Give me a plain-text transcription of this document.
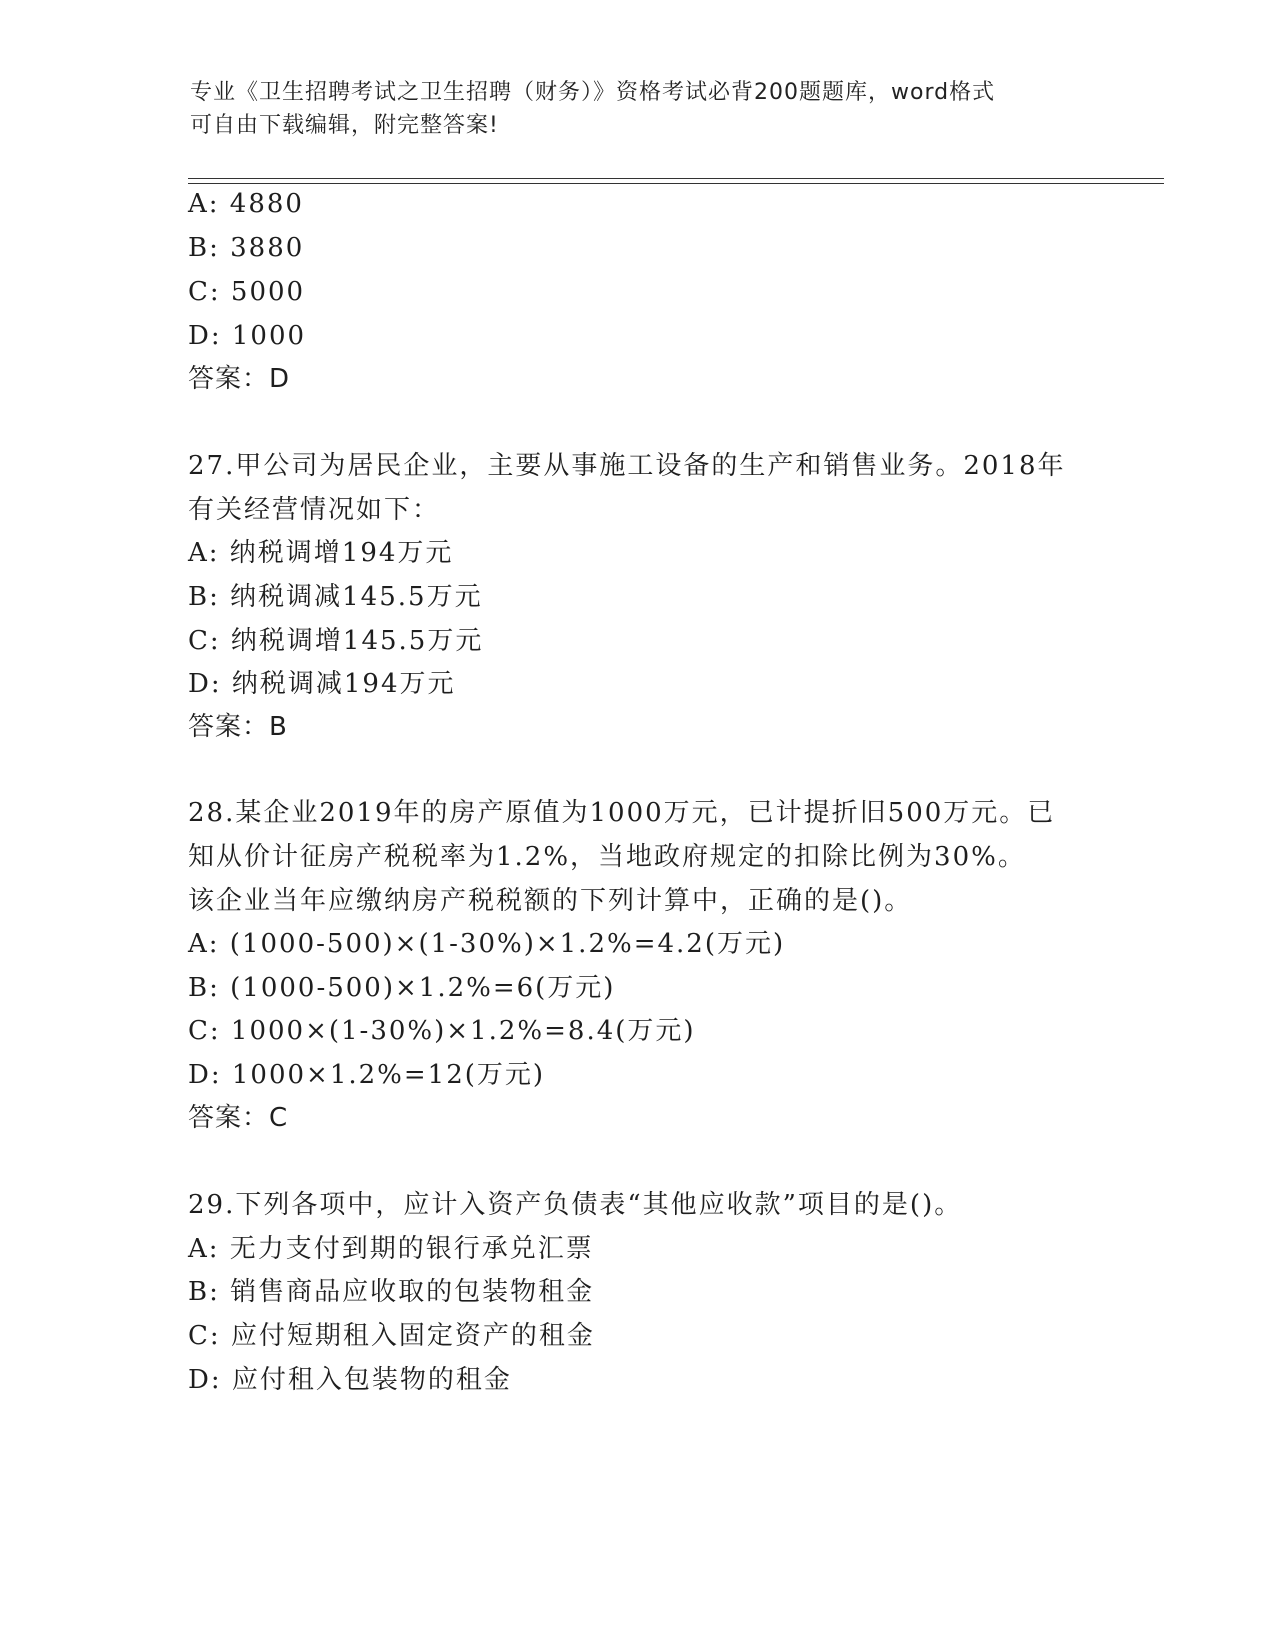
专业《卫生招聘考试之卫生招聘（财务）》资格考试必背200题题库，word格式
可自由下载编辑，附完整答案!
A: 4880
B: 3880
C: 5000
D: 1000
答案：D
27.甲公司为居民企业，主要从事施工设备的生产和销售业务。2018年
有关经营情况如下：
A: 纳税调增194万元
B: 纳税调减145.5万元
C: 纳税调增145.5万元
D: 纳税调减194万元
答案：B
28.某企业2019年的房产原值为1000万元，已计提折旧500万元。已
知从价计征房产税税率为1.2%，当地政府规定的扣除比例为30%。
该企业当年应缴纳房产税税额的下列计算中，正确的是()。
A: (1000-500)×(1-30%)×1.2%=4.2(万元)
B: (1000-500)×1.2%=6(万元)
C: 1000×(1-30%)×1.2%=8.4(万元)
D: 1000×1.2%=12(万元)
答案：C
29.下列各项中，应计入资产负债表“其他应收款”项目的是()。
A: 无力支付到期的银行承兑汇票
B: 销售商品应收取的包装物租金
C: 应付短期租入固定资产的租金
D: 应付租入包装物的租金
